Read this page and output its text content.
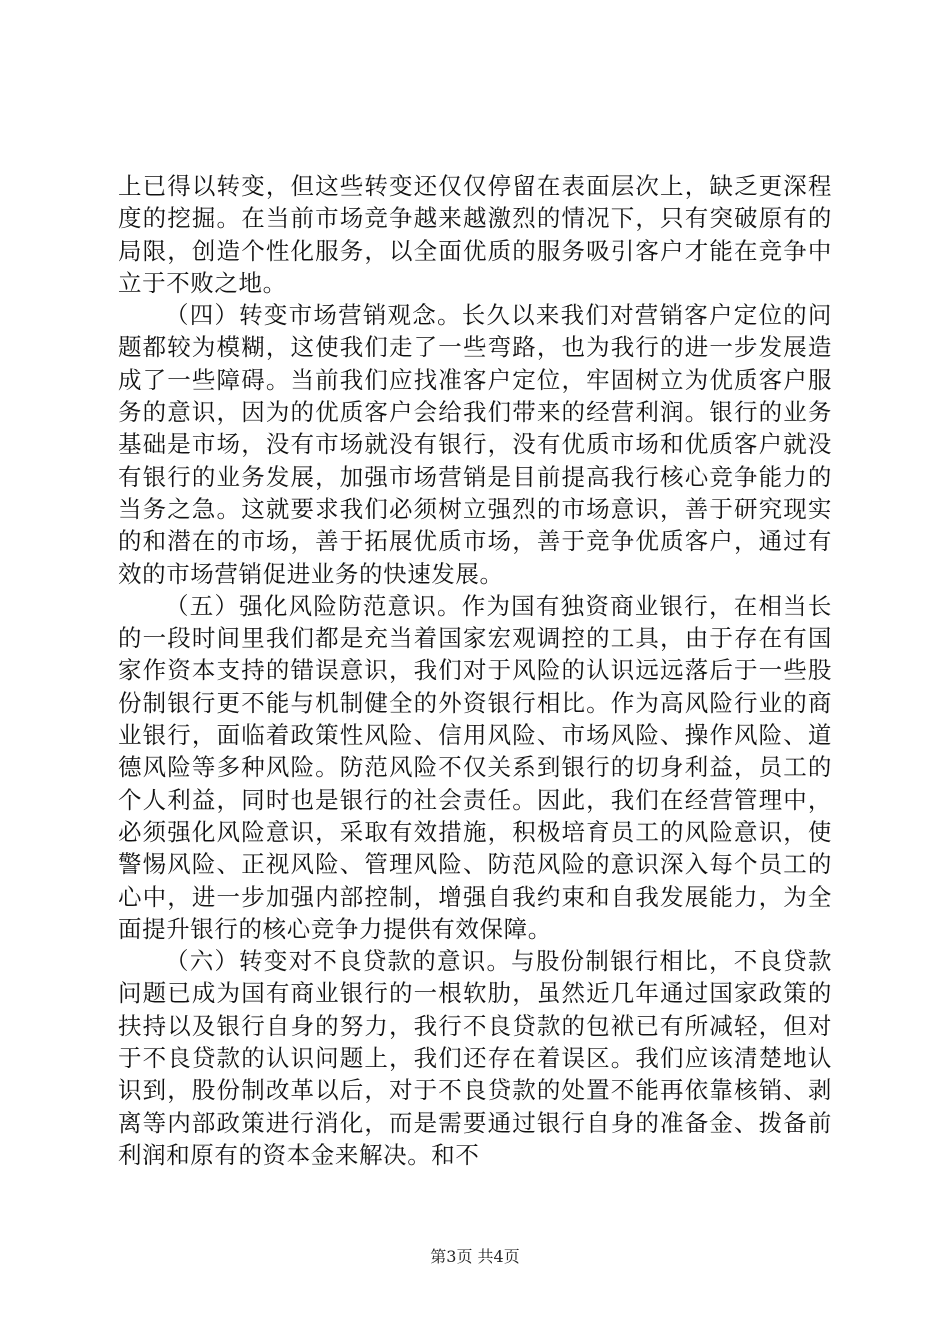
上已得以转变，但这些转变还仅仅停留在表面层次上，缺乏更深程度的挖掘。在当前市场竞争越来越激烈的情况下，只有突破原有的局限，创造个性化服务，以全面优质的服务吸引客户才能在竞争中立于不败之地。

（四）转变市场营销观念。长久以来我们对营销客户定位的问题都较为模糊，这使我们走了一些弯路，也为我行的进一步发展造成了一些障碍。当前我们应找准客户定位，牢固树立为优质客户服务的意识，因为的优质客户会给我们带来的经营利润。银行的业务基础是市场，没有市场就没有银行，没有优质市场和优质客户就没有银行的业务发展，加强市场营销是目前提高我行核心竞争能力的当务之急。这就要求我们必须树立强烈的市场意识，善于研究现实的和潜在的市场，善于拓展优质市场，善于竞争优质客户，通过有效的市场营销促进业务的快速发展。

（五）强化风险防范意识。作为国有独资商业银行，在相当长的一段时间里我们都是充当着国家宏观调控的工具，由于存在有国家作资本支持的错误意识，我们对于风险的认识远远落后于一些股份制银行更不能与机制健全的外资银行相比。作为高风险行业的商业银行，面临着政策性风险、信用风险、市场风险、操作风险、道德风险等多种风险。防范风险不仅关系到银行的切身利益，员工的个人利益，同时也是银行的社会责任。因此，我们在经营管理中，必须强化风险意识，采取有效措施，积极培育员工的风险意识，使警惕风险、正视风险、管理风险、防范风险的意识深入每个员工的心中，进一步加强内部控制，增强自我约束和自我发展能力，为全面提升银行的核心竞争力提供有效保障。

（六）转变对不良贷款的意识。与股份制银行相比，不良贷款问题已成为国有商业银行的一根软肋，虽然近几年通过国家政策的扶持以及银行自身的努力，我行不良贷款的包袱已有所减轻，但对于不良贷款的认识问题上，我们还存在着误区。我们应该清楚地认识到，股份制改革以后，对于不良贷款的处置不能再依靠核销、剥离等内部政策进行消化，而是需要通过银行自身的准备金、拨备前利润和原有的资本金来解决。和不

第3页 共4页
